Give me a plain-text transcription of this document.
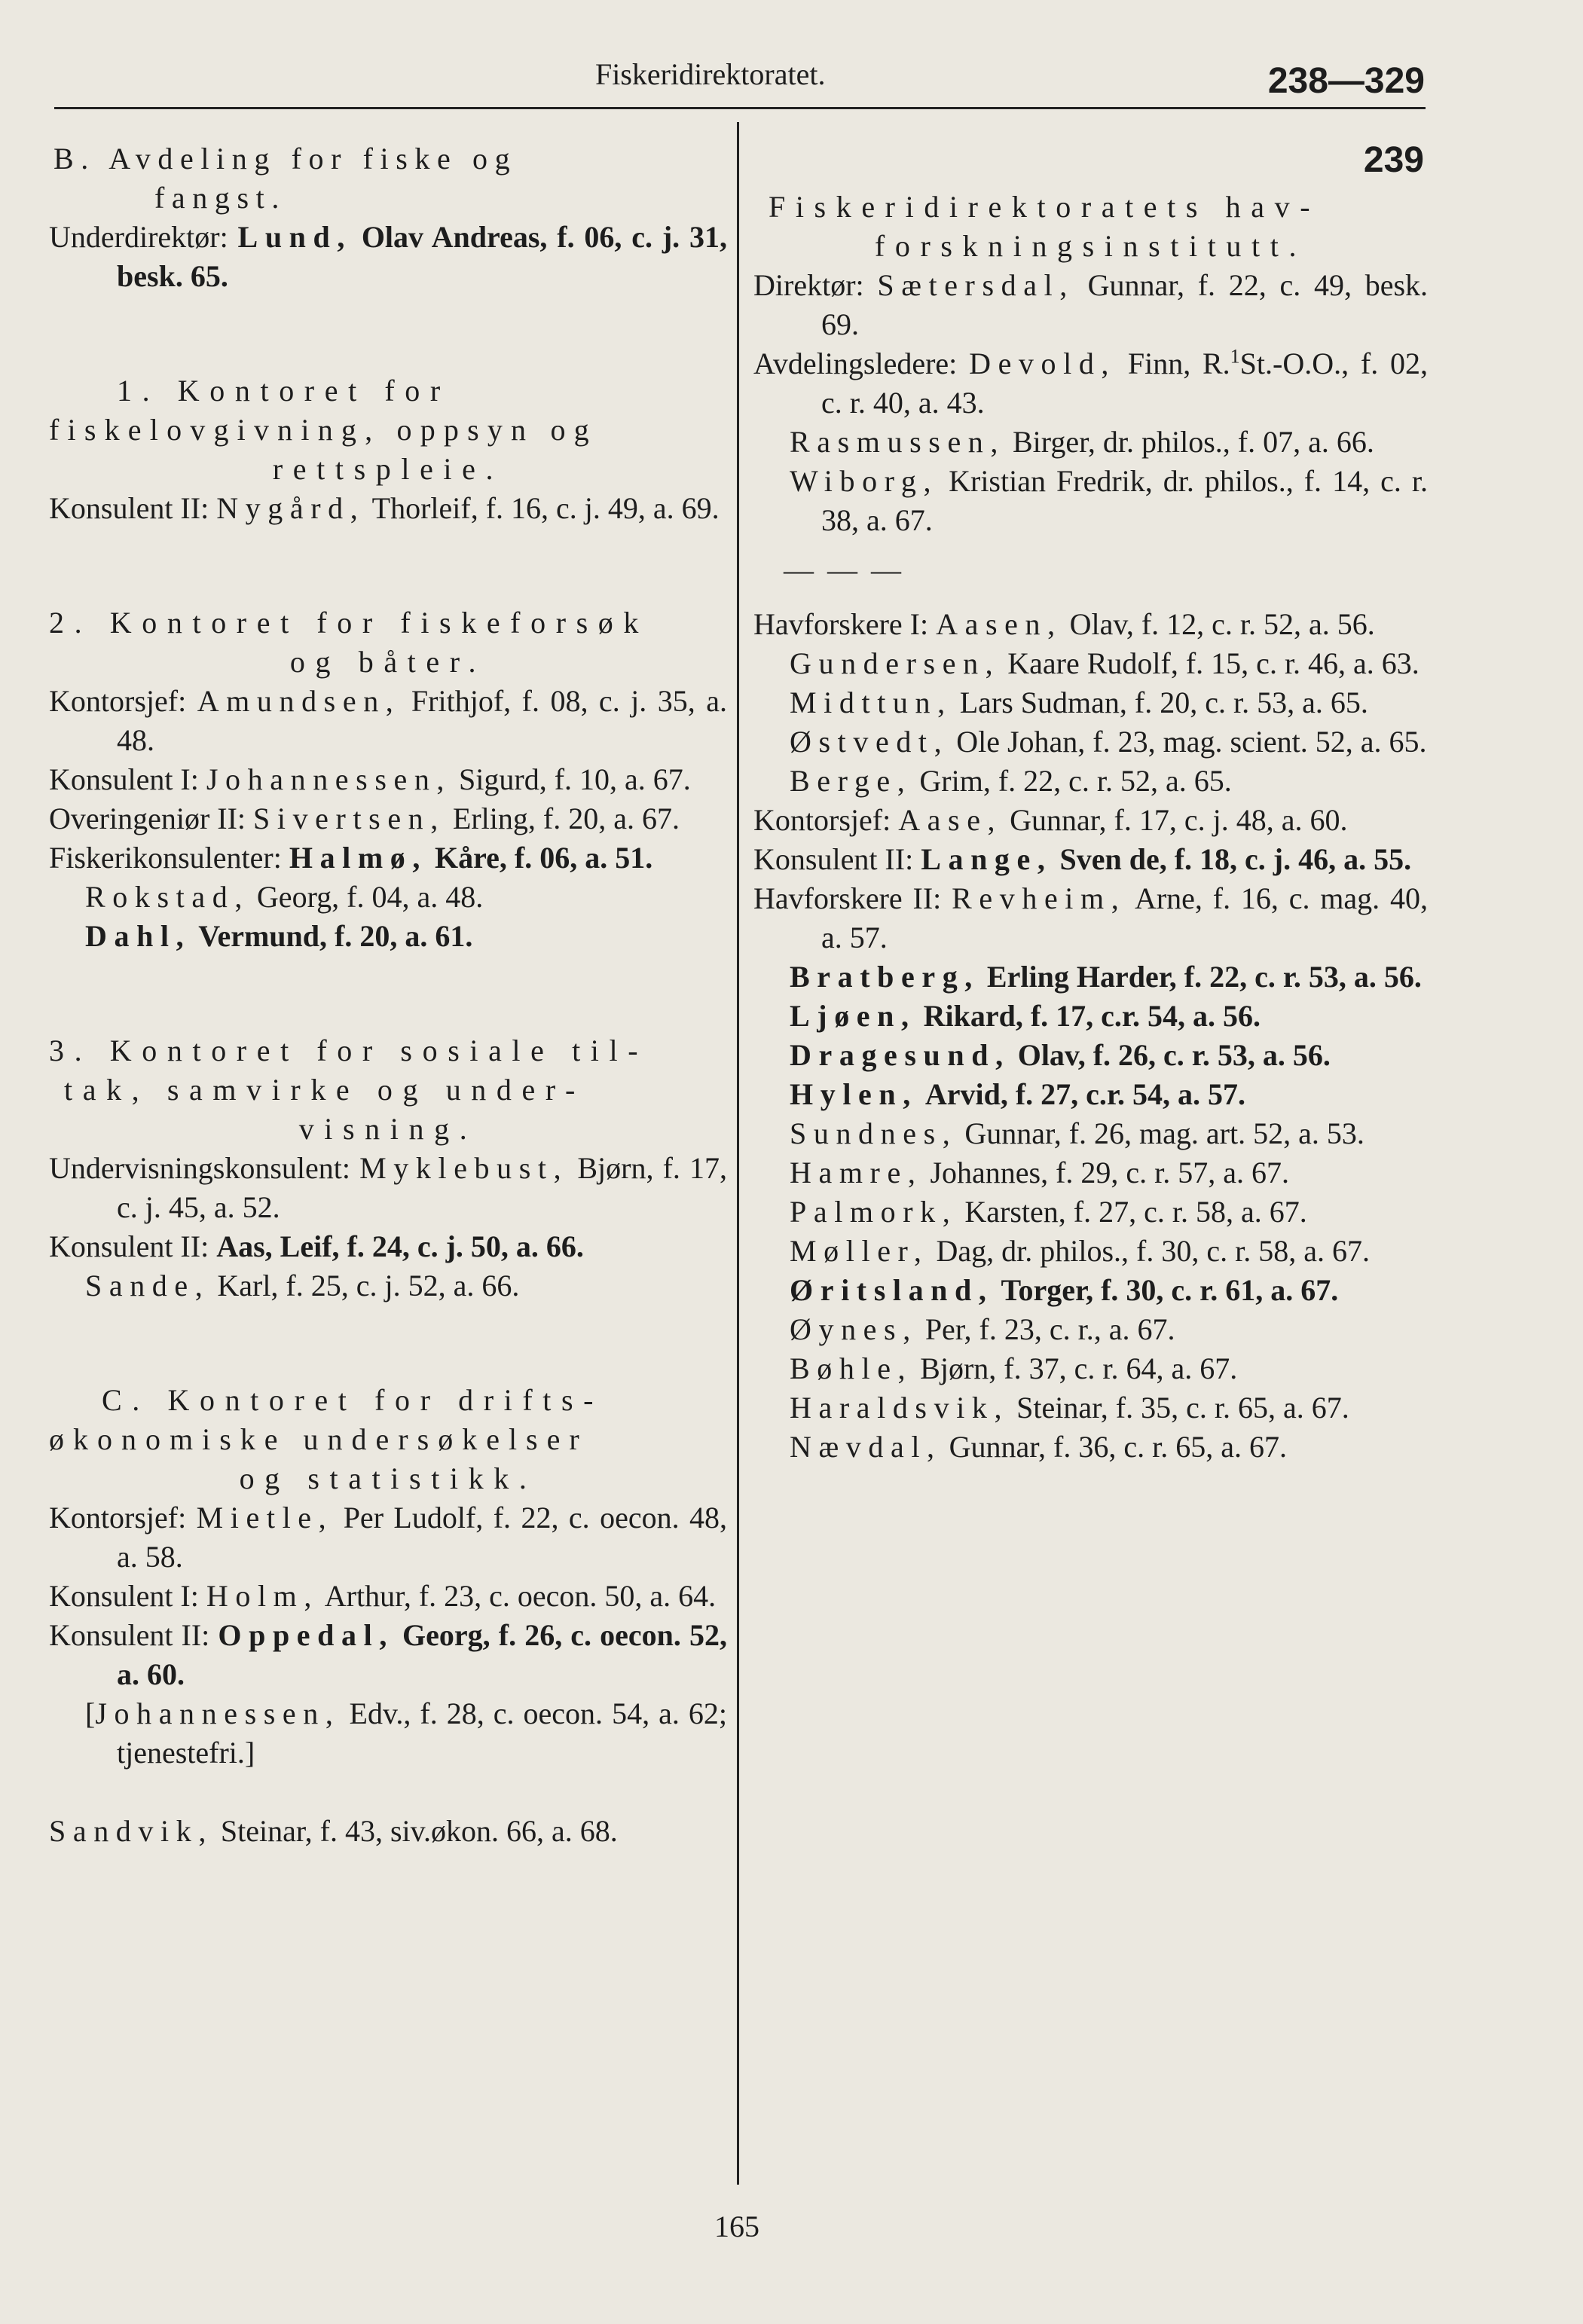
Fiskeridirektoratet.	238—329
B. Avdeling for fiske og
fangst.
Underdirektør: Lund, Olav Andreas, f. 06, c. j. 31, besk. 65.
1. Kontoret for
fiskelovgivning, oppsyn og
rettspleie.
Konsulent II: Nygård, Thorleif, f. 16, c. j. 49, a. 69.
2. Kontoret for fiskeforsøk
og båter.
Kontorsjef: Amundsen, Frithjof, f. 08, c. j. 35, a. 48.
Konsulent I: Johannessen, Sigurd, f. 10, a. 67.
Overingeniør II: Sivertsen, Erling, f. 20, a. 67.
Fiskerikonsulenter: Halmø, Kåre, f. 06, a. 51.
Rokstad, Georg, f. 04, a. 48.
Dahl, Vermund, f. 20, a. 61.
3. Kontoret for sosiale til-
tak, samvirke og under-
visning.
Undervisningskonsulent: Myklebust, Bjørn, f. 17, c. j. 45, a. 52.
Konsulent II: Aas, Leif, f. 24, c. j. 50, a. 66.
Sande, Karl, f. 25, c. j. 52, a. 66.
C. Kontoret for drifts-
økonomiske undersøkelser
og statistikk.
Kontorsjef: Mietle, Per Ludolf, f. 22, c. oecon. 48, a. 58.
Konsulent I: Holm, Arthur, f. 23, c. oecon. 50, a. 64.
Konsulent II: Oppedal, Georg, f. 26, c. oecon. 52, a. 60.
[Johannessen, Edv., f. 28, c. oecon. 54, a. 62; tjenestefri.]
Sandvik, Steinar, f. 43, siv.økon. 66, a. 68.
239
Fiskeridirektoratets hav-
forskningsinstitutt.
Direktør: Sætersdal, Gunnar, f. 22, c. 49, besk. 69.
Avdelingsledere: Devold, Finn, R.$^1$St.-O.O., f. 02, c. r. 40, a. 43.
Rasmussen, Birger, dr. philos., f. 07, a. 66.
Wiborg, Kristian Fredrik, dr. philos., f. 14, c. r. 38, a. 67.
— — —
Havforskere I: Aasen, Olav, f. 12, c. r. 52, a. 56.
Gundersen, Kaare Rudolf, f. 15, c. r. 46, a. 63.
Midttun, Lars Sudman, f. 20, c. r. 53, a. 65.
Østvedt, Ole Johan, f. 23, mag. scient. 52, a. 65.
Berge, Grim, f. 22, c. r. 52, a. 65.
Kontorsjef: Aase, Gunnar, f. 17, c. j. 48, a. 60.
Konsulent II: Lange, Sven de, f. 18, c. j. 46, a. 55.
Havforskere II: Revheim, Arne, f. 16, c. mag. 40, a. 57.
Bratberg, Erling Harder, f. 22, c. r. 53, a. 56.
Ljøen, Rikard, f. 17, c.r. 54, a. 56.
Dragesund, Olav, f. 26, c. r. 53, a. 56.
Hylen, Arvid, f. 27, c.r. 54, a. 57.
Sundnes, Gunnar, f. 26, mag. art. 52, a. 53.
Hamre, Johannes, f. 29, c. r. 57, a. 67.
Palmork, Karsten, f. 27, c. r. 58, a. 67.
Møller, Dag, dr. philos., f. 30, c. r. 58, a. 67.
Øritsland, Torger, f. 30, c. r. 61, a. 67.
Øynes, Per, f. 23, c. r., a. 67.
Bøhle, Bjørn, f. 37, c. r. 64, a. 67.
Haraldsvik, Steinar, f. 35, c. r. 65, a. 67.
Nævdal, Gunnar, f. 36, c. r. 65, a. 67.
165
